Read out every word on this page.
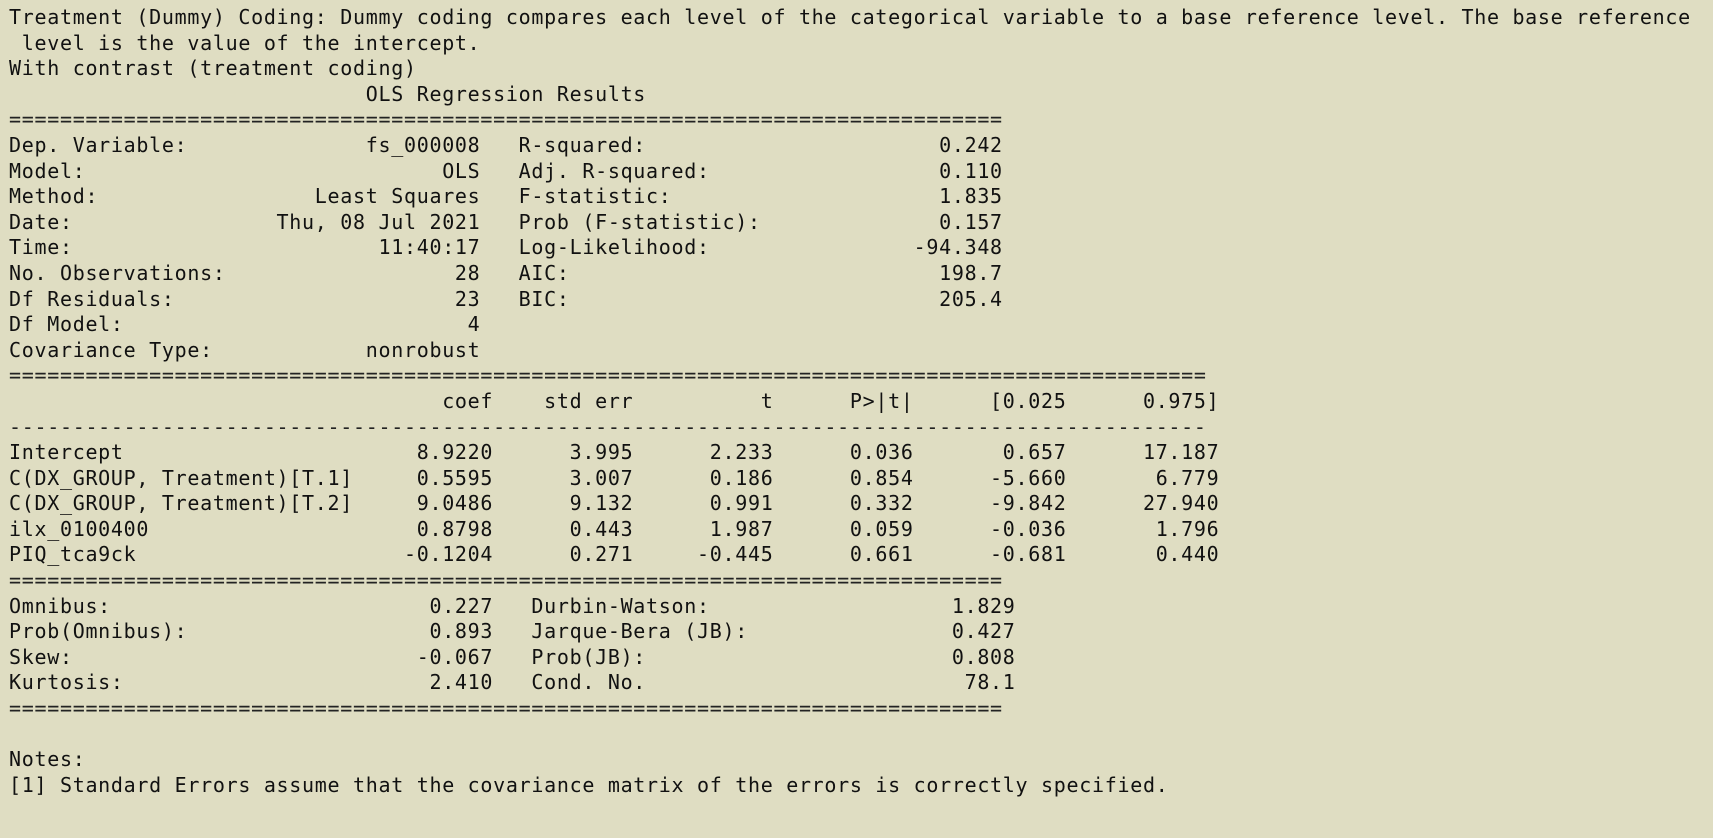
Treatment (Dummy) Coding: Dummy coding compares each level of the categorical variable to a base reference level. The base reference
level is the value of the intercept.
With contrast (treatment coding)
OLS Regression Results
==============================================================================
Dep. Variable:              fs_000008   R-squared:                       0.242
Model:                            OLS   Adj. R-squared:                  0.110
Method:                 Least Squares   F-statistic:                     1.835
Date:                Thu, 08 Jul 2021   Prob (F-statistic):              0.157
Time:                        11:40:17   Log-Likelihood:                -94.348
No. Observations:                  28   AIC:                             198.7
Df Residuals:                      23   BIC:                             205.4
Df Model:                           4
Covariance Type:            nonrobust
==============================================================================================
coef    std err          t      P>|t|      [0.025      0.975]
----------------------------------------------------------------------------------------------
Intercept                       8.9220      3.995      2.233      0.036       0.657      17.187
C(DX_GROUP, Treatment)[T.1]     0.5595      3.007      0.186      0.854      -5.660       6.779
C(DX_GROUP, Treatment)[T.2]     9.0486      9.132      0.991      0.332      -9.842      27.940
ilx_0100400                     0.8798      0.443      1.987      0.059      -0.036       1.796
PIQ_tca9ck                     -0.1204      0.271     -0.445      0.661      -0.681       0.440
==============================================================================
Omnibus:                         0.227   Durbin-Watson:                   1.829
Prob(Omnibus):                   0.893   Jarque-Bera (JB):                0.427
Skew:                           -0.067   Prob(JB):                        0.808
Kurtosis:                        2.410   Cond. No.                         78.1
==============================================================================
Notes:
[1] Standard Errors assume that the covariance matrix of the errors is correctly specified.
